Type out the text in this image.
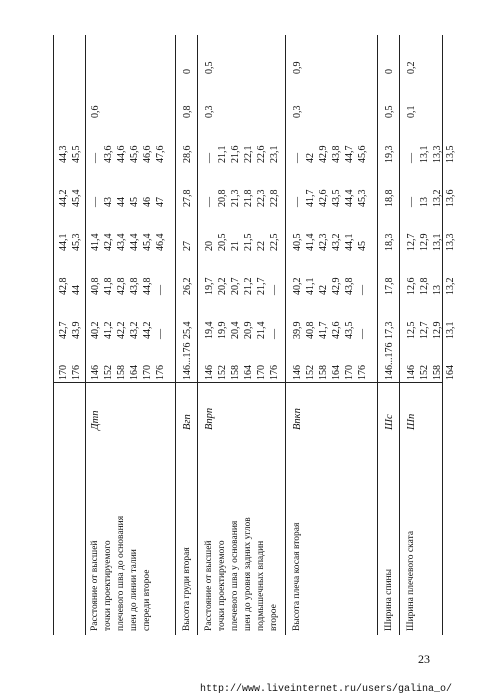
170
42,7
42,8
44,1
44,2
44,3
176
43,9
44
45,3
45,4
45,5
Расстояние от высшей
точки проектируемого
плечевого шва до основания
шеи до линии талии
спереди второе
Дтп
146 152 158 164 170 176
40,2 41,2 42,2 43,2 44,2 —
40,8 41,8 42,8 43,8 44,8 —
41,4 42,4 43,4 44,4 45,4 46,4
— 43 44 45 46 47
— 43,6 44,6 45,6 46,6 47,6
0,6
Высота груди вторая
Вгп
146...176
25,4
26,2
27
27,8
28,6
0,8
0
Расстояние от высшей
точки проектируемого
плечевого шва у основания
шеи до уровня задних углов
подмышечных впадин
второе
Впрп
146 152 158 164 170 176
19,4 19,9 20,4 20,9 21,4 —
19,7 20,2 20,7 21,2 21,7 —
20 20,5 21 21,5 22 22,5
— 20,8 21,3 21,8 22,3 22,8
— 21,1 21,6 22,1 22,6 23,1
0,3
0,5
Высота плеча косая вторая
Впкп
146 152 158 164 170 176
39,9 40,8 41,7 42,6 43,5 —
40,2 41,1 42 42,9 43,8 —
40,5 41,4 42,3 43,2 44,1 45
— 41,7 42,6 43,5 44,4 45,3
— 42 42,9 43,8 44,7 45,6
0,3
0,9
Ширина спины
Шс
146...176
17,3
17,8
18,3
18,8
19,3
0,5
0
Ширина плечевого ската
Шп
146 152 158 164
12,5 12,7 12,9 13,1
12,6 12,8 13 13,2
12,7 12,9 13,1 13,3
— 13 13,2 13,6
— 13,1 13,3 13,5
0,1
0,2
23
http://www.liveinternet.ru/users/galina_o/
